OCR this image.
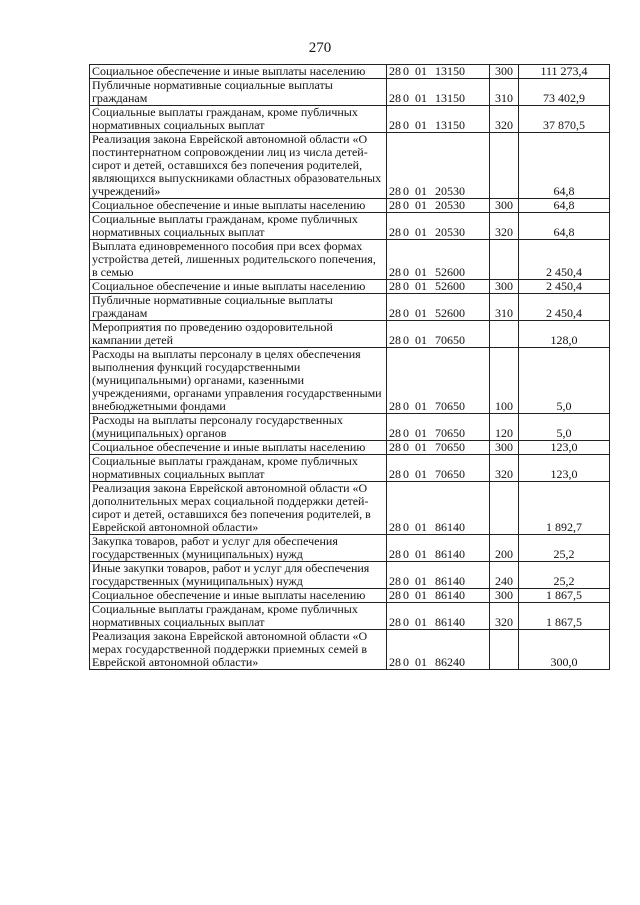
270
Социальное обеспечение и иные выплаты населению	28 0 01 13150	300	111 273,4

Публичные нормативные социальные выплаты гражданам	28 0 01 13150	310	73 402,9

Социальные выплаты гражданам, кроме публичных нормативных социальных выплат	28 0 01 13150	320	37 870,5

Реализация закона Еврейской автономной области «О постинтернатном сопровождении лиц из числа детей-сирот и детей, оставшихся без попечения родителей, являющихся выпускниками областных образовательных учреждений»	28 0 01 20530		64,8

Социальное обеспечение и иные выплаты населению	28 0 01 20530	300	64,8

Социальные выплаты гражданам, кроме публичных нормативных социальных выплат	28 0 01 20530	320	64,8

Выплата единовременного пособия при всех формах устройства детей, лишенных родительского попечения, в семью	28 0 01 52600		2 450,4

Социальное обеспечение и иные выплаты населению	28 0 01 52600	300	2 450,4

Публичные нормативные социальные выплаты гражданам	28 0 01 52600	310	2 450,4

Мероприятия по проведению оздоровительной кампании детей	28 0 01 70650		128,0

Расходы на выплаты персоналу в целях обеспечения выполнения функций государственными (муниципальными) органами, казенными учреждениями, органами управления государственными внебюджетными фондами	28 0 01 70650	100	5,0

Расходы на выплаты персоналу государственных (муниципальных) органов	28 0 01 70650	120	5,0

Социальное обеспечение и иные выплаты населению	28 0 01 70650	300	123,0

Социальные выплаты гражданам, кроме публичных нормативных социальных выплат	28 0 01 70650	320	123,0

Реализация закона Еврейской автономной области «О дополнительных мерах социальной поддержки детей-сирот и детей, оставшихся без попечения родителей, в Еврейской автономной области»	28 0 01 86140		1 892,7

Закупка товаров, работ и услуг для обеспечения государственных (муниципальных) нужд	28 0 01 86140	200	25,2

Иные закупки товаров, работ и услуг для обеспечения государственных (муниципальных) нужд	28 0 01 86140	240	25,2

Социальное обеспечение и иные выплаты населению	28 0 01 86140	300	1 867,5

Социальные выплаты гражданам, кроме публичных нормативных социальных выплат	28 0 01 86140	320	1 867,5

Реализация закона Еврейской автономной области «О мерах государственной поддержки приемных семей в Еврейской автономной области»	28 0 01 86240		300,0
